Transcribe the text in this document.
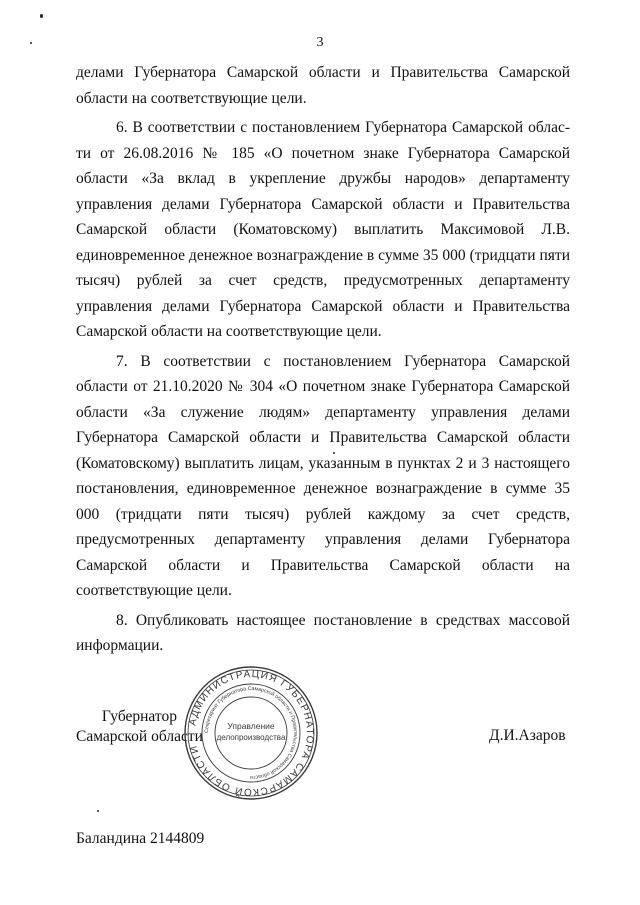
3

делами Губернатора Самарской области и Правительства Самарской области на соответствующие цели.

6. В соответствии с постановлением Губернатора Самарской облас-ти от 26.08.2016 № 185 «О почетном знаке Губернатора Самарской области «За вклад в укрепление дружбы народов» департаменту управления делами Губернатора Самарской области и Правительства Самарской области (Коматовскому) выплатить Максимовой Л.В. единовременное денежное вознаграждение в сумме 35 000 (тридцати пяти тысяч) рублей за счет средств, предусмотренных департаменту управления делами Губернатора Самарской области и Правительства Самарской области на соответствующие цели.

7. В соответствии с постановлением Губернатора Самарской области от 21.10.2020 № 304 «О почетном знаке Губернатора Самарской области «За служение людям» департаменту управления делами Губернатора Самарской области и Правительства Самарской области (Коматовскому) выплатить лицам, указанным в пунктах 2 и 3 настоящего постановления, единовременное денежное вознаграждение в сумме 35 000 (тридцати пяти тысяч) рублей каждому за счет средств, предусмотренных департаменту управления делами Губернатора Самарской области и Правительства Самарской области на соответствующие цели.

8. Опубликовать настоящее постановление в средствах массовой информации.

Губернатор
Самарской области
АДМИНИСТРАЦИЯ ГУБЕРНАТОРА САМАРСКОЙ ОБЛАСТИ
Секретариат Губернатора Самарской области и Правительства Самарской области
Управление
делопроизводства	Д.И.Азаров
Баландина 2144809
